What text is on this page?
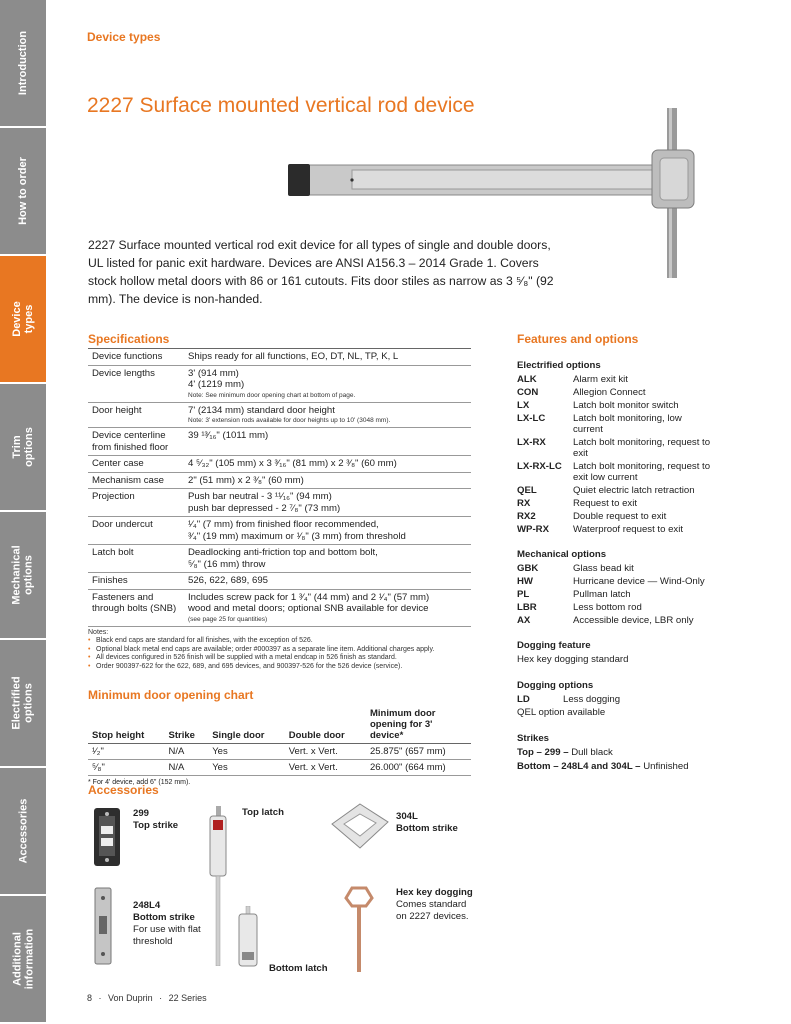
Introduction
How to order
Device types
Trim options
Mechanical options
Electrified options
Accessories
Additional information
Device types
2227 Surface mounted vertical rod device

2227 Surface mounted vertical rod exit device for all types of single and double doors, UL listed for panic exit hardware. Devices are ANSI A156.3 – 2014 Grade 1. Covers stock hollow metal doors with 86 or 161 cutouts. Fits door stiles as narrow as 3 ⁵⁄₈" (92 mm). The device is non-handed.

Specifications
Device functions	Ships ready for all functions, EO, DT, NL, TP, K, L

Device lengths	3' (914 mm)
4' (1219 mm)
Note: See minimum door opening chart at bottom of page.

Door height	7' (2134 mm) standard door height
Note: 3' extension rods available for door heights up to 10' (3048 mm).

Device centerline from finished floor	39 ¹³⁄₁₆" (1011 mm)

Center case	4 ⁵⁄₃₂" (105 mm) x 3 ³⁄₁₆" (81 mm) x 2 ³⁄₈" (60 mm)

Mechanism case	2" (51 mm) x 2 ³⁄₈" (60 mm)

Projection	Push bar neutral - 3 ¹¹⁄₁₆" (94 mm)
push bar depressed - 2 ⁷⁄₈" (73 mm)

Door undercut	¹⁄₄" (7 mm) from finished floor recommended,
³⁄₄" (19 mm) maximum or ¹⁄₈" (3 mm) from threshold

Latch bolt	Deadlocking anti-friction top and bottom bolt,
⁵⁄₈" (16 mm) throw

Finishes	526, 622, 689, 695

Fasteners and through bolts (SNB)	Includes screw pack for 1 ³⁄₄" (44 mm) and 2 ¹⁄₄" (57 mm)
wood and metal doors; optional SNB available for device
(see page 25 for quantities)
Notes:
• Black end caps are standard for all finishes, with the exception of 526.
• Optional black metal end caps are available; order #000397 as a separate line item. Additional charges apply.
• All devices configured in 526 finish will be supplied with a metal endcap in 526 finish as standard.
• Order 900397-622 for the 622, 689, and 695 devices, and 900397-526 for the 526 device (service).
Minimum door opening chart
Stop height	Strike	Single door	Double door	Minimum door opening for 3' device*
¹⁄₂"	N/A	Yes	Vert. x Vert.	25.875" (657 mm)
⁵⁄₈"	N/A	Yes	Vert. x Vert.	26.000" (664 mm)
* For 4' device, add 6" (152 mm).
Accessories
299
Top strike
Top latch	304L
Bottom strike
248L4
Bottom strike
For use with flat threshold
Bottom latch
Hex key dogging
Comes standard on 2227 devices.
Features and options
Electrified options
ALK	Alarm exit kit
CON	Allegion Connect
LX	Latch bolt monitor switch
LX-LC	Latch bolt monitoring, low current
LX-RX	Latch bolt monitoring, request to exit
LX-RX-LC	Latch bolt monitoring, request to exit low current
QEL	Quiet electric latch retraction
RX	Request to exit
RX2	Double request to exit
WP-RX	Waterproof request to exit
Mechanical options
GBK	Glass bead kit
HW	Hurricane device — Wind-Only
PL	Pullman latch
LBR	Less bottom rod
AX	Accessible device, LBR only
Dogging feature

Hex key dogging standard

Dogging options
LD	Less dogging

QEL option available

Strikes

Top – 299 – Dull black

Bottom – 248L4 and 304L – Unfinished

8 · Von Duprin · 22 Series
